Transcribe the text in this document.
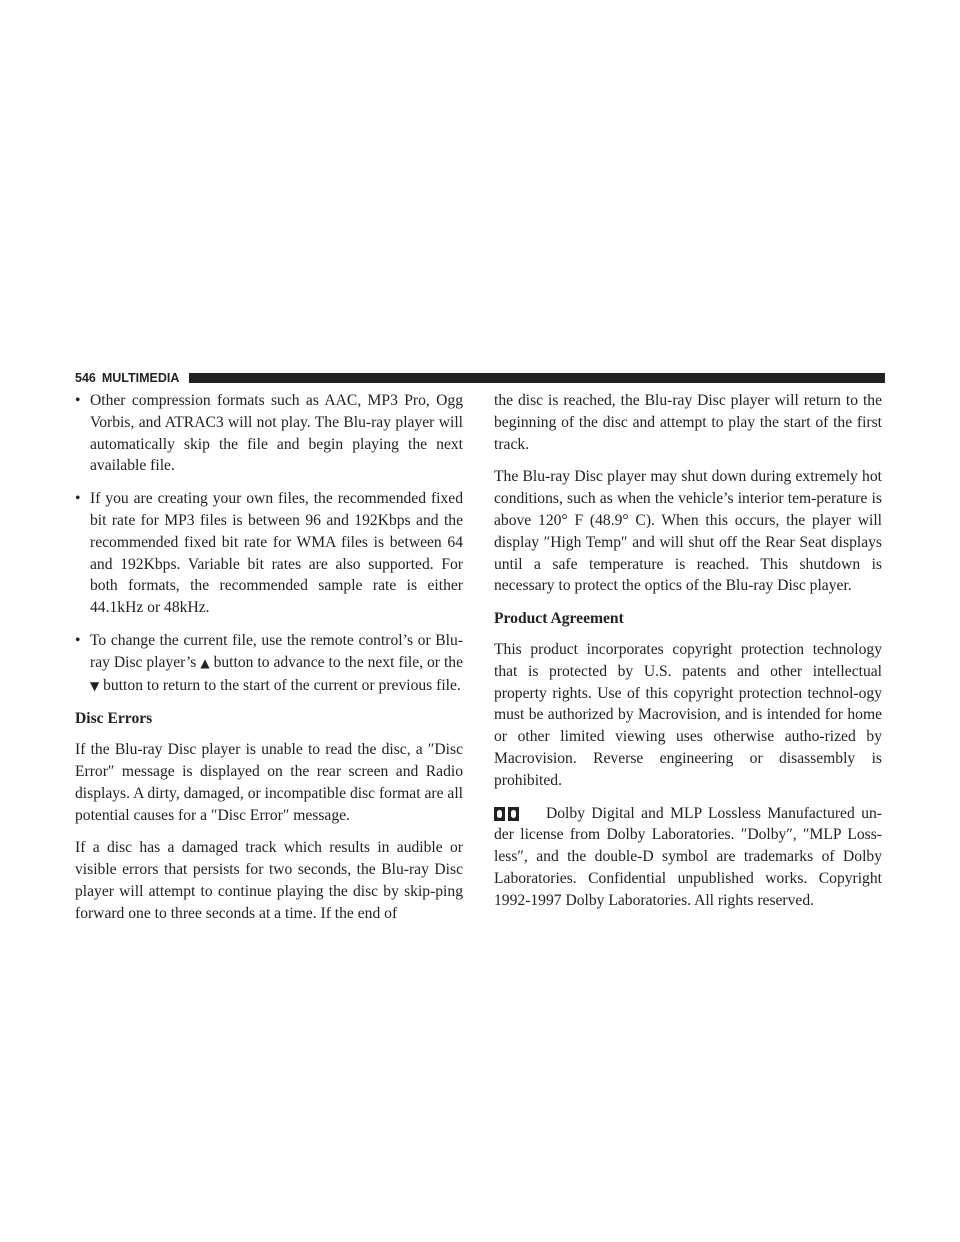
546 MULTIMEDIA
• Other compression formats such as AAC, MP3 Pro, Ogg Vorbis, and ATRAC3 will not play. The Blu-ray player will automatically skip the file and begin playing the next available file.
• If you are creating your own files, the recommended fixed bit rate for MP3 files is between 96 and 192Kbps and the recommended fixed bit rate for WMA files is between 64 and 192Kbps. Variable bit rates are also supported. For both formats, the recommended sample rate is either 44.1kHz or 48kHz.
• To change the current file, use the remote control’s or Blu-ray Disc player’s ▲ button to advance to the next file, or the ▼ button to return to the start of the current or previous file.
Disc Errors

If the Blu-ray Disc player is unable to read the disc, a ″Disc Error″ message is displayed on the rear screen and Radio displays. A dirty, damaged, or incompatible disc format are all potential causes for a ″Disc Error″ message.

If a disc has a damaged track which results in audible or visible errors that persists for two seconds, the Blu-ray Disc player will attempt to continue playing the disc by skip-ping forward one to three seconds at a time. If the end of

the disc is reached, the Blu-ray Disc player will return to the beginning of the disc and attempt to play the start of the first track.

The Blu-ray Disc player may shut down during extremely hot conditions, such as when the vehicle’s interior tem-perature is above 120° F (48.9° C). When this occurs, the player will display ″High Temp″ and will shut off the Rear Seat displays until a safe temperature is reached. This shutdown is necessary to protect the optics of the Blu-ray Disc player.

Product Agreement

This product incorporates copyright protection technology that is protected by U.S. patents and other intellectual property rights. Use of this copyright protection technol-ogy must be authorized by Macrovision, and is intended for home or other limited viewing uses otherwise autho-rized by Macrovision. Reverse engineering or disassembly is prohibited.

Dolby Digital and MLP Lossless Manufactured un-der license from Dolby Laboratories. ″Dolby″, ″MLP Loss-less″, and the double-D symbol are trademarks of Dolby Laboratories. Confidential unpublished works. Copyright 1992-1997 Dolby Laboratories. All rights reserved.
